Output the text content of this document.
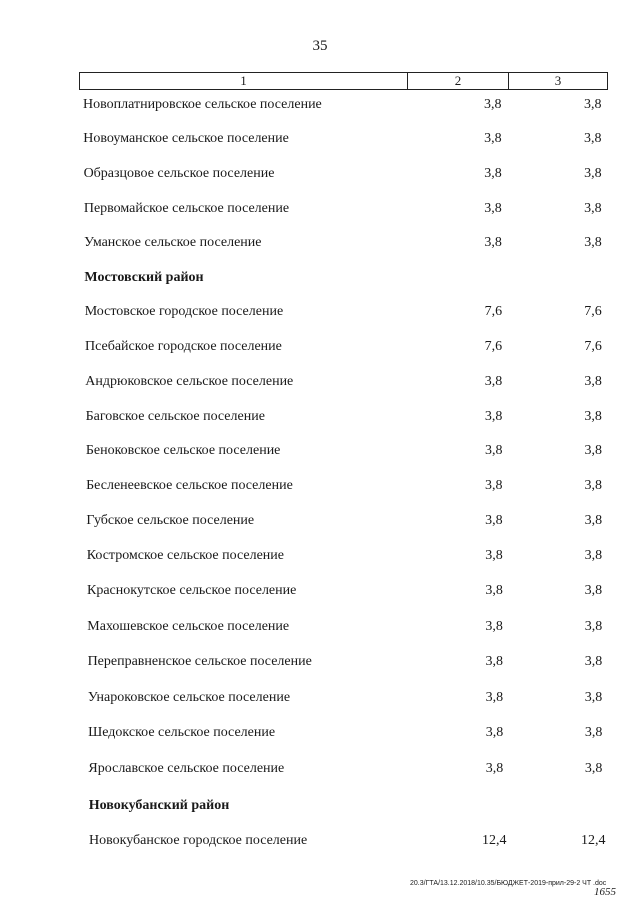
35
1	2	3
Новоплатнировское сельское поселение	3,8	3,8
Новоуманское сельское поселение	3,8	3,8
Образцовое сельское поселение	3,8	3,8
Первомайское сельское поселение	3,8	3,8
Уманское сельское поселение	3,8	3,8
Мостовский район
Мостовское городское поселение	7,6	7,6
Псебайское городское поселение	7,6	7,6
Андрюковское сельское поселение	3,8	3,8
Баговское сельское поселение	3,8	3,8
Беноковское сельское поселение	3,8	3,8
Бесленеевское сельское поселение	3,8	3,8
Губское сельское поселение	3,8	3,8
Костромское сельское поселение	3,8	3,8
Краснокутское сельское поселение	3,8	3,8
Махошевское сельское поселение	3,8	3,8
Переправненское сельское поселение	3,8	3,8
Унароковское сельское поселение	3,8	3,8
Шедокское сельское поселение	3,8	3,8
Ярославское сельское поселение	3,8	3,8
Новокубанский район
Новокубанское городское поселение	12,4	12,4
20.3/ГТА/13.12.2018/10.35/БЮДЖЕТ-2019-прил-29-2 ЧТ .doc
1655
